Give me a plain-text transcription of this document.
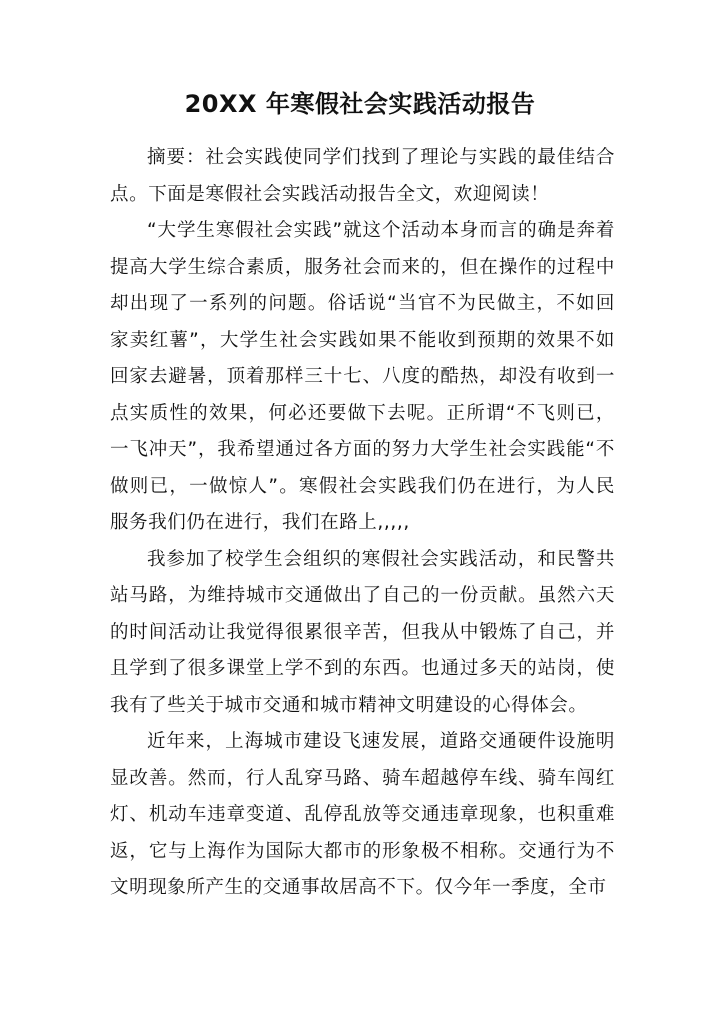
20XX 年寒假社会实践活动报告

摘要：社会实践使同学们找到了理论与实践的最佳结合点。下面是寒假社会实践活动报告全文，欢迎阅读！

“大学生寒假社会实践”就这个活动本身而言的确是奔着提高大学生综合素质，服务社会而来的，但在操作的过程中却出现了一系列的问题。俗话说“当官不为民做主，不如回家卖红薯”，大学生社会实践如果不能收到预期的效果不如回家去避暑，顶着那样三十七、八度的酷热，却没有收到一点实质性的效果，何必还要做下去呢。正所谓“不飞则已，一飞冲天”，我希望通过各方面的努力大学生社会实践能“不做则已，一做惊人”。寒假社会实践我们仍在进行，为人民服务我们仍在进行，我们在路上,,,,,

我参加了校学生会组织的寒假社会实践活动，和民警共站马路，为维持城市交通做出了自己的一份贡献。虽然六天的时间活动让我觉得很累很辛苦，但我从中锻炼了自己，并且学到了很多课堂上学不到的东西。也通过多天的站岗，使我有了些关于城市交通和城市精神文明建设的心得体会。

近年来，上海城市建设飞速发展，道路交通硬件设施明显改善。然而，行人乱穿马路、骑车超越停车线、骑车闯红灯、机动车违章变道、乱停乱放等交通违章现象，也积重难返，它与上海作为国际大都市的形象极不相称。交通行为不文明现象所产生的交通事故居高不下。仅今年一季度，全市
